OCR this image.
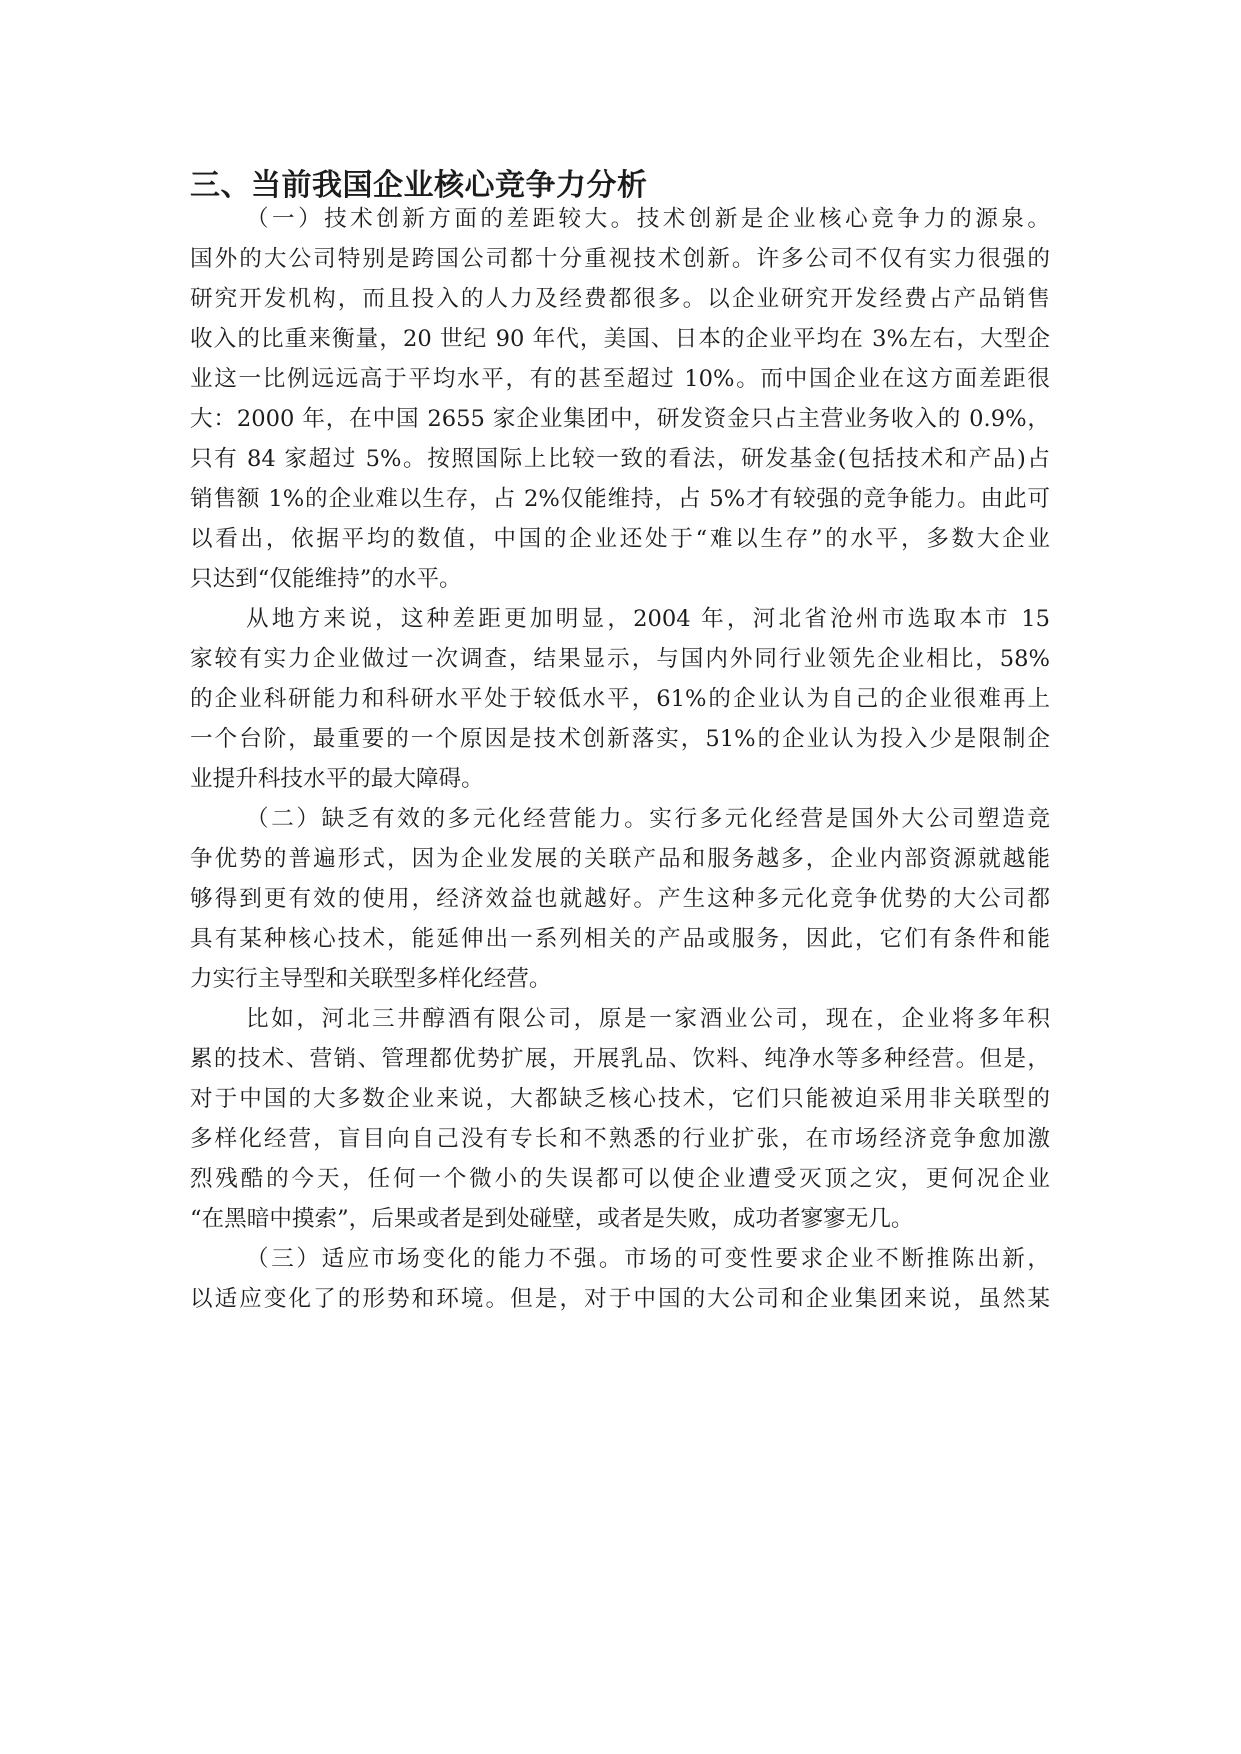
三、当前我国企业核心竞争力分析
（一）技术创新方面的差距较大。技术创新是企业核心竞争力的源泉。
国外的大公司特别是跨国公司都十分重视技术创新。许多公司不仅有实力很强的
研究开发机构，而且投入的人力及经费都很多。以企业研究开发经费占产品销售
收入的比重来衡量，20 世纪 90 年代，美国、日本的企业平均在 3%左右，大型企
业这一比例远远高于平均水平，有的甚至超过 10%。而中国企业在这方面差距很
大：2000 年，在中国 2655 家企业集团中，研发资金只占主营业务收入的 0.9%，
只有 84 家超过 5%。按照国际上比较一致的看法，研发基金(包括技术和产品)占
销售额 1%的企业难以生存，占 2%仅能维持，占 5%才有较强的竞争能力。由此可
以看出，依据平均的数值，中国的企业还处于“难以生存”的水平，多数大企业
只达到“仅能维持”的水平。
从地方来说，这种差距更加明显，2004 年，河北省沧州市选取本市 15
家较有实力企业做过一次调查，结果显示，与国内外同行业领先企业相比，58%
的企业科研能力和科研水平处于较低水平，61%的企业认为自己的企业很难再上
一个台阶，最重要的一个原因是技术创新落实，51%的企业认为投入少是限制企
业提升科技水平的最大障碍。
（二）缺乏有效的多元化经营能力。实行多元化经营是国外大公司塑造竞
争优势的普遍形式，因为企业发展的关联产品和服务越多，企业内部资源就越能
够得到更有效的使用，经济效益也就越好。产生这种多元化竞争优势的大公司都
具有某种核心技术，能延伸出一系列相关的产品或服务，因此，它们有条件和能
力实行主导型和关联型多样化经营。
比如，河北三井醇酒有限公司，原是一家酒业公司，现在，企业将多年积
累的技术、营销、管理都优势扩展，开展乳品、饮料、纯净水等多种经营。但是，
对于中国的大多数企业来说，大都缺乏核心技术，它们只能被迫采用非关联型的
多样化经营，盲目向自己没有专长和不熟悉的行业扩张，在市场经济竞争愈加激
烈残酷的今天，任何一个微小的失误都可以使企业遭受灭顶之灾，更何况企业
“在黑暗中摸索”，后果或者是到处碰壁，或者是失败，成功者寥寥无几。
（三）适应市场变化的能力不强。市场的可变性要求企业不断推陈出新，
以适应变化了的形势和环境。但是，对于中国的大公司和企业集团来说，虽然某
